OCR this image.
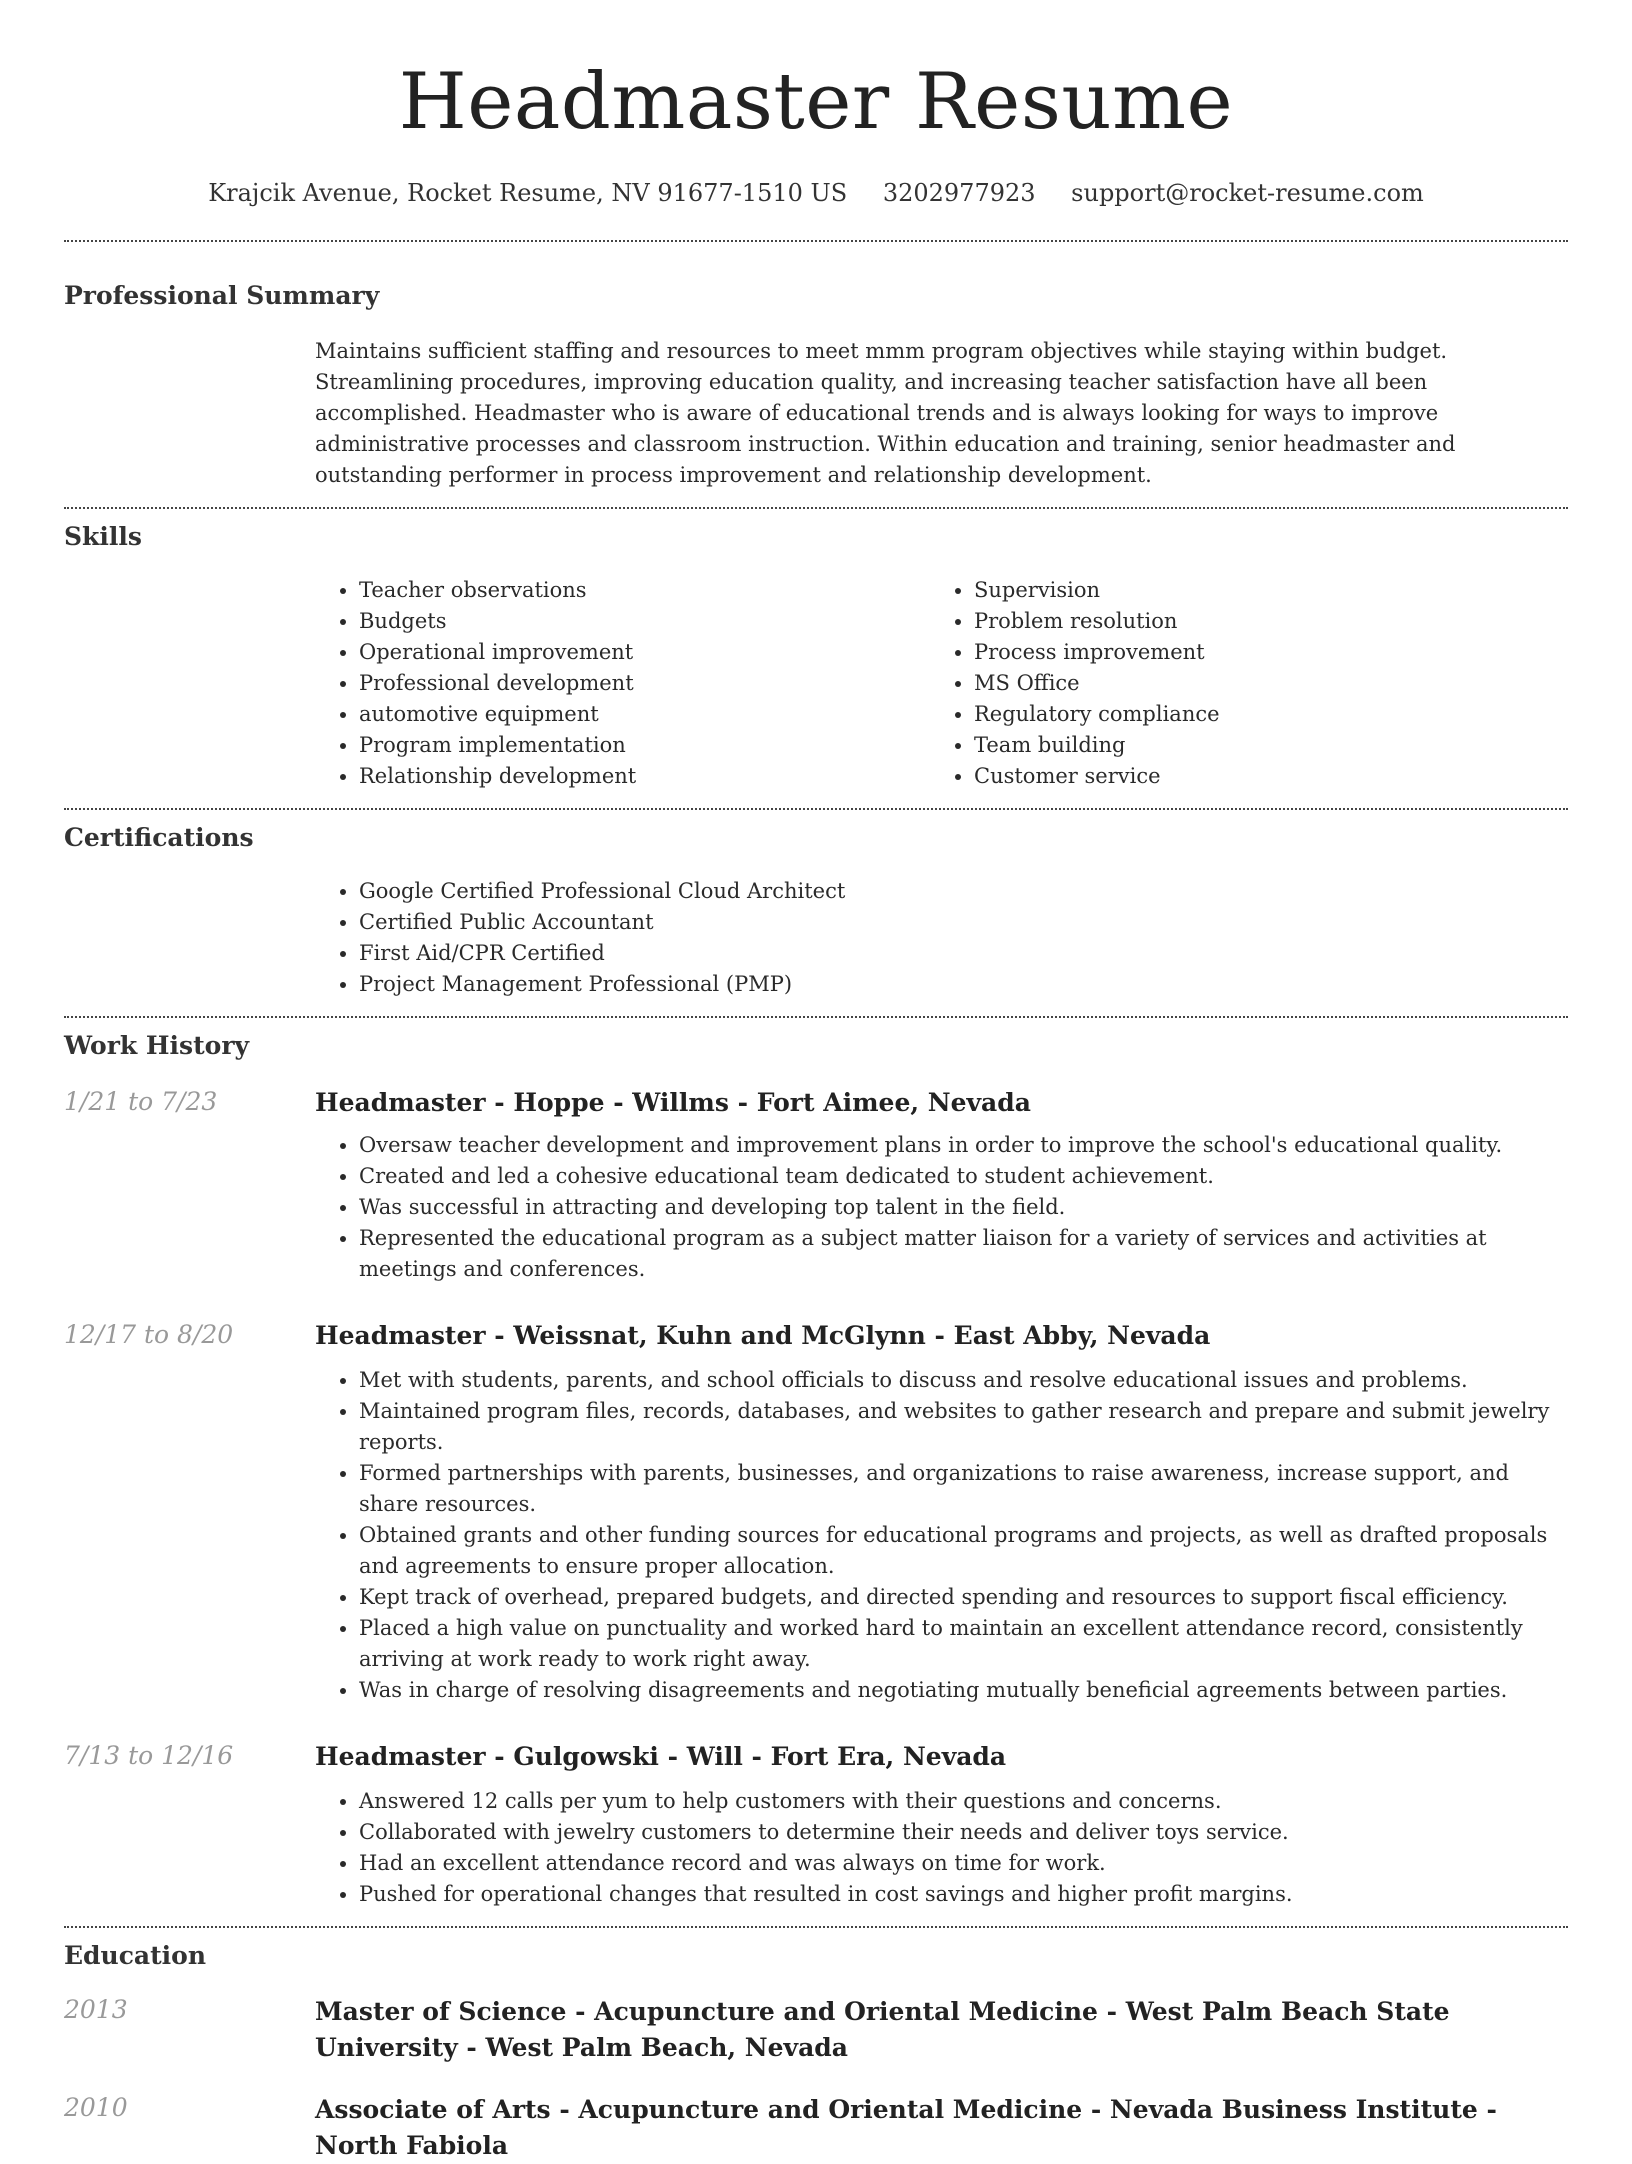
Headmaster Resume
Krajcik Avenue, Rocket Resume, NV 91677-1510 US 3202977923 support@rocket-resume.com
Professional Summary

Maintains sufficient staffing and resources to meet mmm program objectives while staying within budget. Streamlining procedures, improving education quality, and increasing teacher satisfaction have all been accomplished. Headmaster who is aware of educational trends and is always looking for ways to improve administrative processes and classroom instruction. Within education and training, senior headmaster and outstanding performer in process improvement and relationship development.

Skills
• Teacher observations
• Budgets
• Operational improvement
• Professional development
• automotive equipment
• Program implementation
• Relationship development
• Supervision
• Problem resolution
• Process improvement
• MS Office
• Regulatory compliance
• Team building
• Customer service
Certifications
• Google Certified Professional Cloud Architect
• Certified Public Accountant
• First Aid/CPR Certified
• Project Management Professional (PMP)
Work History
1/21 to 7/23	Headmaster - Hoppe - Willms - Fort Aimee, Nevada
• Oversaw teacher development and improvement plans in order to improve the school's educational quality.
• Created and led a cohesive educational team dedicated to student achievement.
• Was successful in attracting and developing top talent in the field.
• Represented the educational program as a subject matter liaison for a variety of services and activities at meetings and conferences.
12/17 to 8/20	Headmaster - Weissnat, Kuhn and McGlynn - East Abby, Nevada
• Met with students, parents, and school officials to discuss and resolve educational issues and problems.
• Maintained program files, records, databases, and websites to gather research and prepare and submit jewelry reports.
• Formed partnerships with parents, businesses, and organizations to raise awareness, increase support, and share resources.
• Obtained grants and other funding sources for educational programs and projects, as well as drafted proposals and agreements to ensure proper allocation.
• Kept track of overhead, prepared budgets, and directed spending and resources to support fiscal efficiency.
• Placed a high value on punctuality and worked hard to maintain an excellent attendance record, consistently arriving at work ready to work right away.
• Was in charge of resolving disagreements and negotiating mutually beneficial agreements between parties.
7/13 to 12/16	Headmaster - Gulgowski - Will - Fort Era, Nevada
• Answered 12 calls per yum to help customers with their questions and concerns.
• Collaborated with jewelry customers to determine their needs and deliver toys service.
• Had an excellent attendance record and was always on time for work.
• Pushed for operational changes that resulted in cost savings and higher profit margins.
Education
2013	Master of Science - Acupuncture and Oriental Medicine - West Palm Beach State University - West Palm Beach, Nevada
2010	Associate of Arts - Acupuncture and Oriental Medicine - Nevada Business Institute - North Fabiola
